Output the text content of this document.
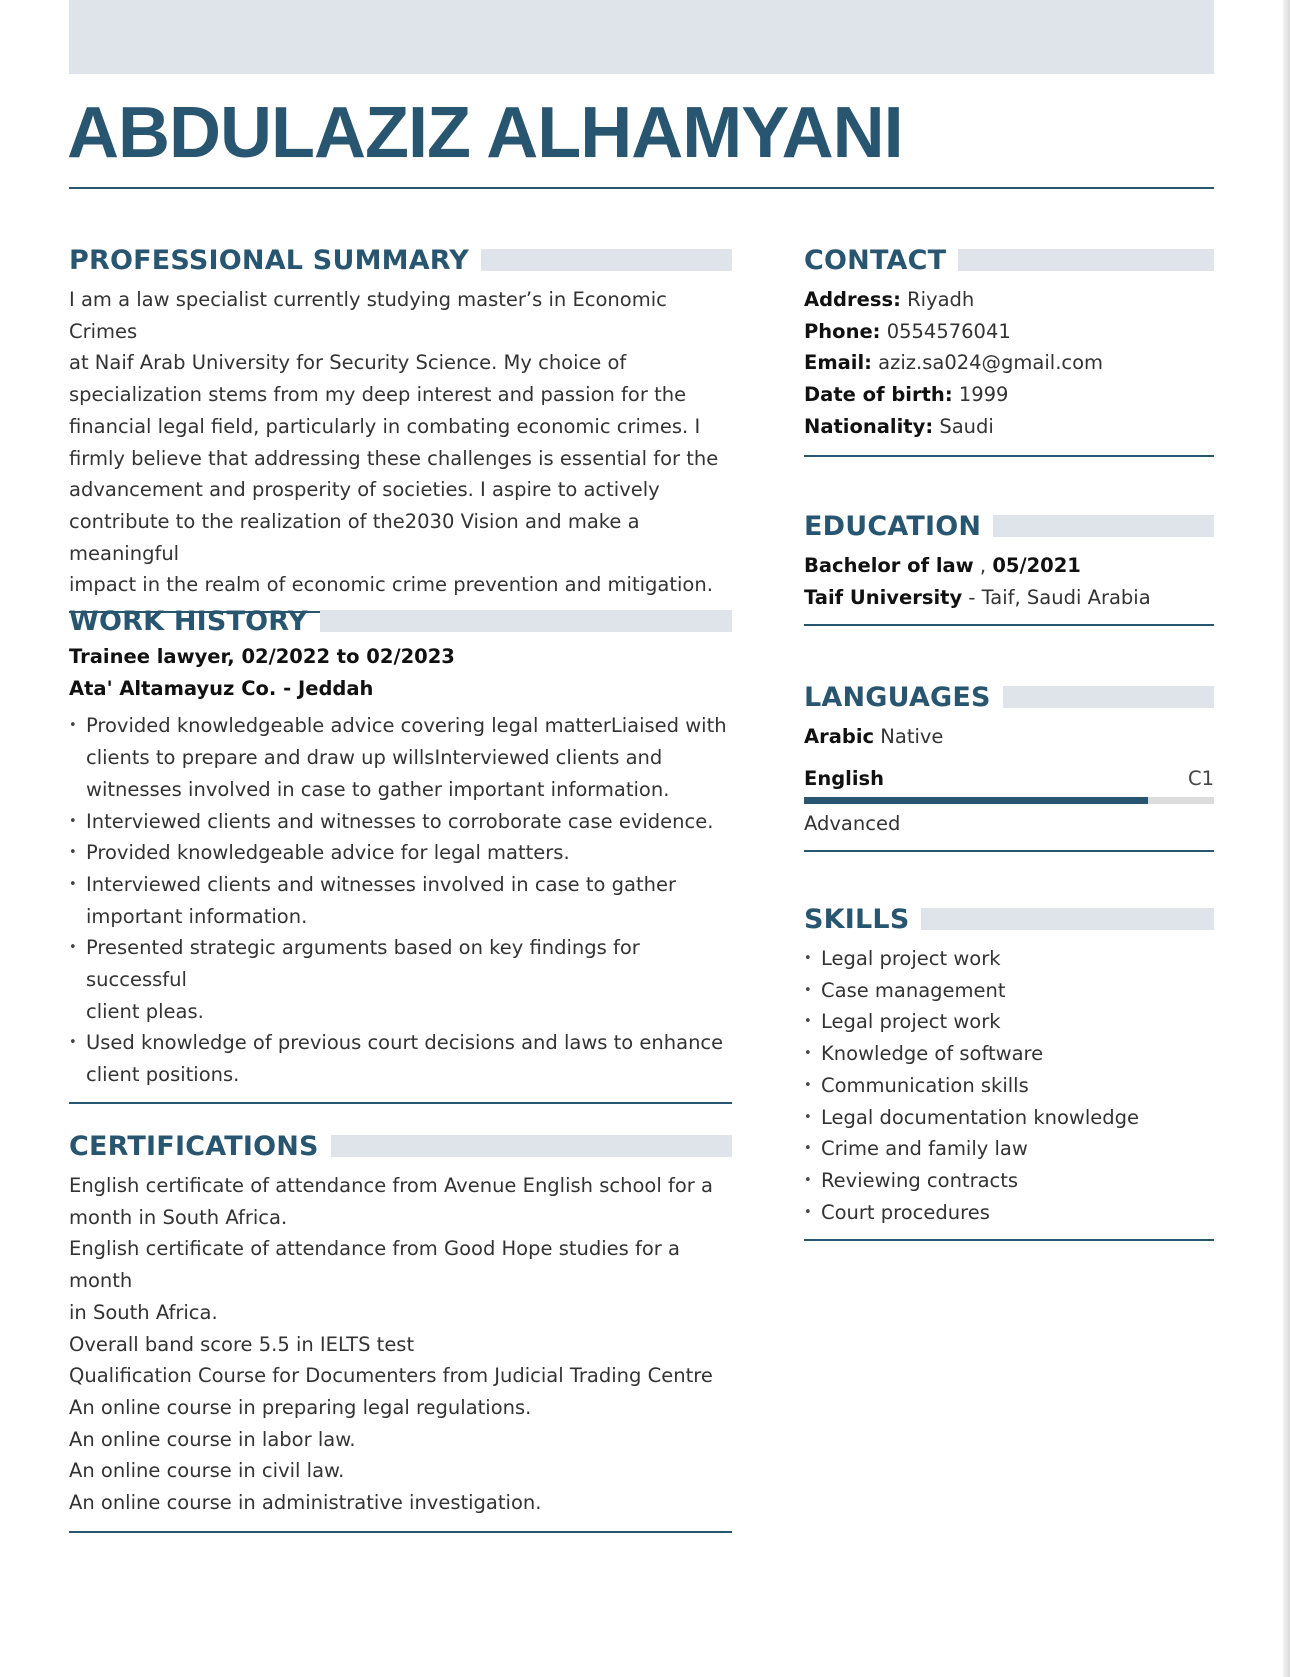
ABDULAZIZ ALHAMYANI
PROFESSIONAL SUMMARY

I am a law specialist currently studying master’s in Economic Crimes

at Naif Arab University for Security Science. My choice of

specialization stems from my deep interest and passion for the

financial legal field, particularly in combating economic crimes. I

firmly believe that addressing these challenges is essential for the

advancement and prosperity of societies. I aspire to actively

contribute to the realization of the2030 Vision and make a meaningful

impact in the realm of economic crime prevention and mitigation.

WORK HISTORY

Trainee lawyer, 02/2022 to 02/2023

Ata' Altamayuz Co. - Jeddah

• Provided knowledgeable advice covering legal matterLiaised with

clients to prepare and draw up willsInterviewed clients and

witnesses involved in case to gather important information.

• Interviewed clients and witnesses to corroborate case evidence.

• Provided knowledgeable advice for legal matters.

• Interviewed clients and witnesses involved in case to gather

important information.

• Presented strategic arguments based on key findings for successful

client pleas.

• Used knowledge of previous court decisions and laws to enhance

client positions.

CERTIFICATIONS

English certificate of attendance from Avenue English school for a

month in South Africa.

English certificate of attendance from Good Hope studies for a month

in South Africa.

Overall band score 5.5 in IELTS test

Qualification Course for Documenters from Judicial Trading Centre

An online course in preparing legal regulations.

An online course in labor law.

An online course in civil law.

An online course in administrative investigation.

CONTACT

Address: Riyadh

Phone: 0554576041

Email: aziz.sa024@gmail.com

Date of birth: 1999

Nationality: Saudi

EDUCATION

Bachelor of law , 05/2021

Taif University - Taif, Saudi Arabia

LANGUAGES

Arabic Native

English	C1

Advanced

SKILLS
• Legal project work
• Case management
• Legal project work
• Knowledge of software
• Communication skills
• Legal documentation knowledge
• Crime and family law
• Reviewing contracts
• Court procedures
